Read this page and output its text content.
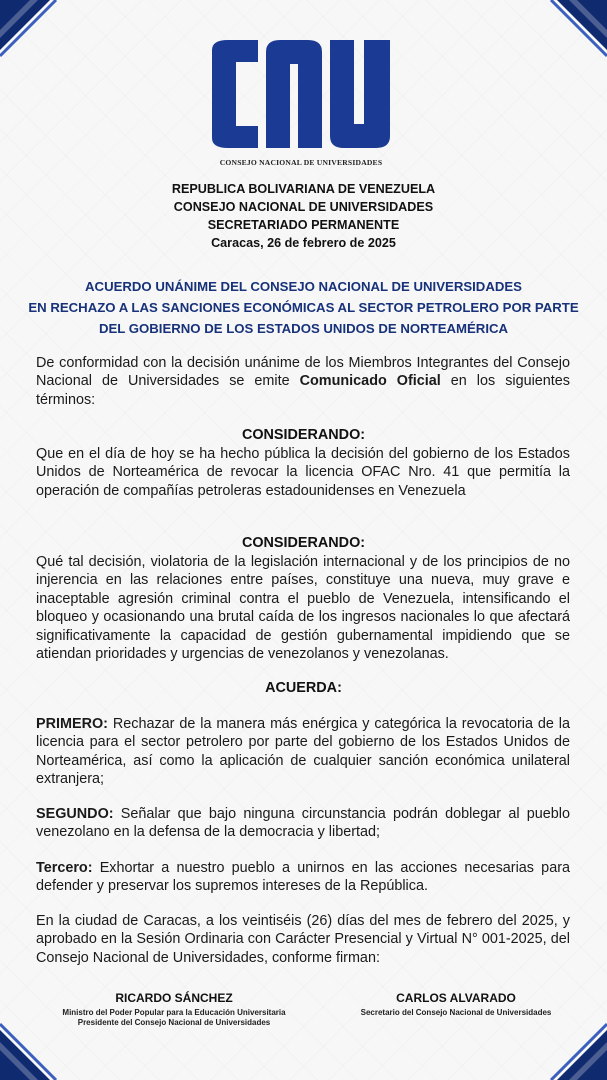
CONSEJO NACIONAL DE UNIVERSIDADES
REPUBLICA BOLIVARIANA DE VENEZUELA
CONSEJO NACIONAL DE UNIVERSIDADES
SECRETARIADO PERMANENTE
Caracas, 26 de febrero de 2025
ACUERDO UNÁNIME DEL CONSEJO NACIONAL DE UNIVERSIDADES
EN RECHAZO A LAS SANCIONES ECONÓMICAS AL SECTOR PETROLERO POR PARTE
DEL GOBIERNO DE LOS ESTADOS UNIDOS DE NORTEAMÉRICA
De conformidad con la decisión unánime de los Miembros Integrantes del Consejo Nacional de Universidades se emite Comunicado Oficial en los siguientes términos:
CONSIDERANDO:
Que en el día de hoy se ha hecho pública la decisión del gobierno de los Estados Unidos de Norteamérica de revocar la licencia OFAC Nro. 41 que permitía la operación de compañías petroleras estadounidenses en Venezuela
CONSIDERANDO:
Qué tal decisión, violatoria de la legislación internacional y de los principios de no injerencia en las relaciones entre países, constituye una nueva, muy grave e inaceptable agresión criminal contra el pueblo de Venezuela, intensificando el bloqueo y ocasionando una brutal caída de los ingresos nacionales lo que afectará significativamente la capacidad de gestión gubernamental impidiendo que se atiendan prioridades y urgencias de venezolanos y venezolanas.
ACUERDA:
PRIMERO: Rechazar de la manera más enérgica y categórica la revocatoria de la licencia para el sector petrolero por parte del gobierno de los Estados Unidos de Norteamérica, así como la aplicación de cualquier sanción económica unilateral extranjera;
SEGUNDO: Señalar que bajo ninguna circunstancia podrán doblegar al pueblo venezolano en la defensa de la democracia y libertad;
Tercero: Exhortar a nuestro pueblo a unirnos en las acciones necesarias para defender y preservar los supremos intereses de la República.
En la ciudad de Caracas, a los veintiséis (26) días del mes de febrero del 2025, y aprobado en la Sesión Ordinaria con Carácter Presencial y Virtual N° 001-2025, del Consejo Nacional de Universidades, conforme firman:
RICARDO SÁNCHEZ
Ministro del Poder Popular para la Educación Universitaria
Presidente del Consejo Nacional de Universidades
CARLOS ALVARADO
Secretario del Consejo Nacional de Universidades
